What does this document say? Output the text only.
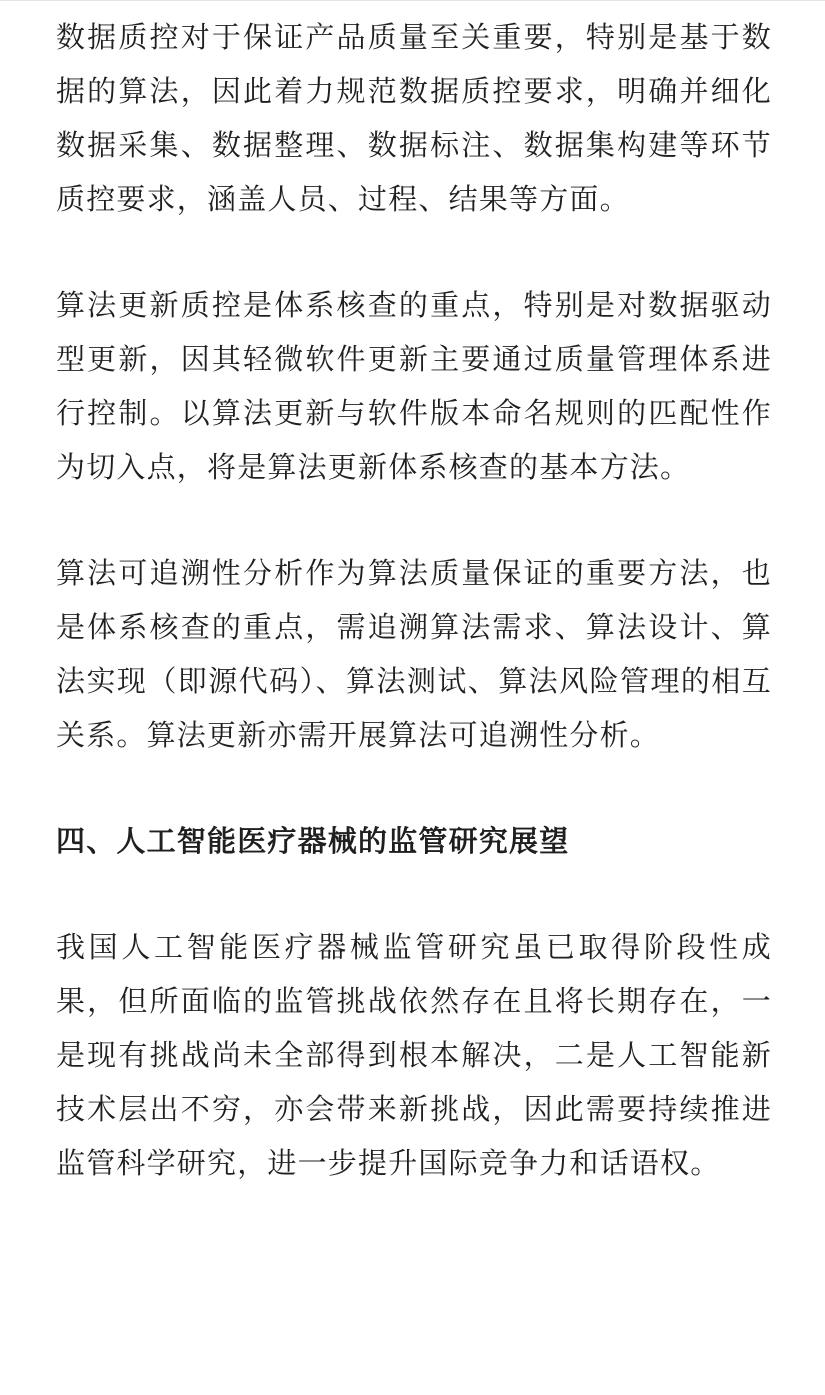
数据质控对于保证产品质量至关重要，特别是基于数据的算法，因此着力规范数据质控要求，明确并细化数据采集、数据整理、数据标注、数据集构建等环节质控要求，涵盖人员、过程、结果等方面。

算法更新质控是体系核查的重点，特别是对数据驱动型更新，因其轻微软件更新主要通过质量管理体系进行控制。以算法更新与软件版本命名规则的匹配性作为切入点，将是算法更新体系核查的基本方法。

算法可追溯性分析作为算法质量保证的重要方法，也是体系核查的重点，需追溯算法需求、算法设计、算法实现（即源代码）、算法测试、算法风险管理的相互关系。算法更新亦需开展算法可追溯性分析。

四、人工智能医疗器械的监管研究展望

我国人工智能医疗器械监管研究虽已取得阶段性成果，但所面临的监管挑战依然存在且将长期存在，一是现有挑战尚未全部得到根本解决，二是人工智能新技术层出不穷，亦会带来新挑战，因此需要持续推进监管科学研究，进一步提升国际竞争力和话语权。
